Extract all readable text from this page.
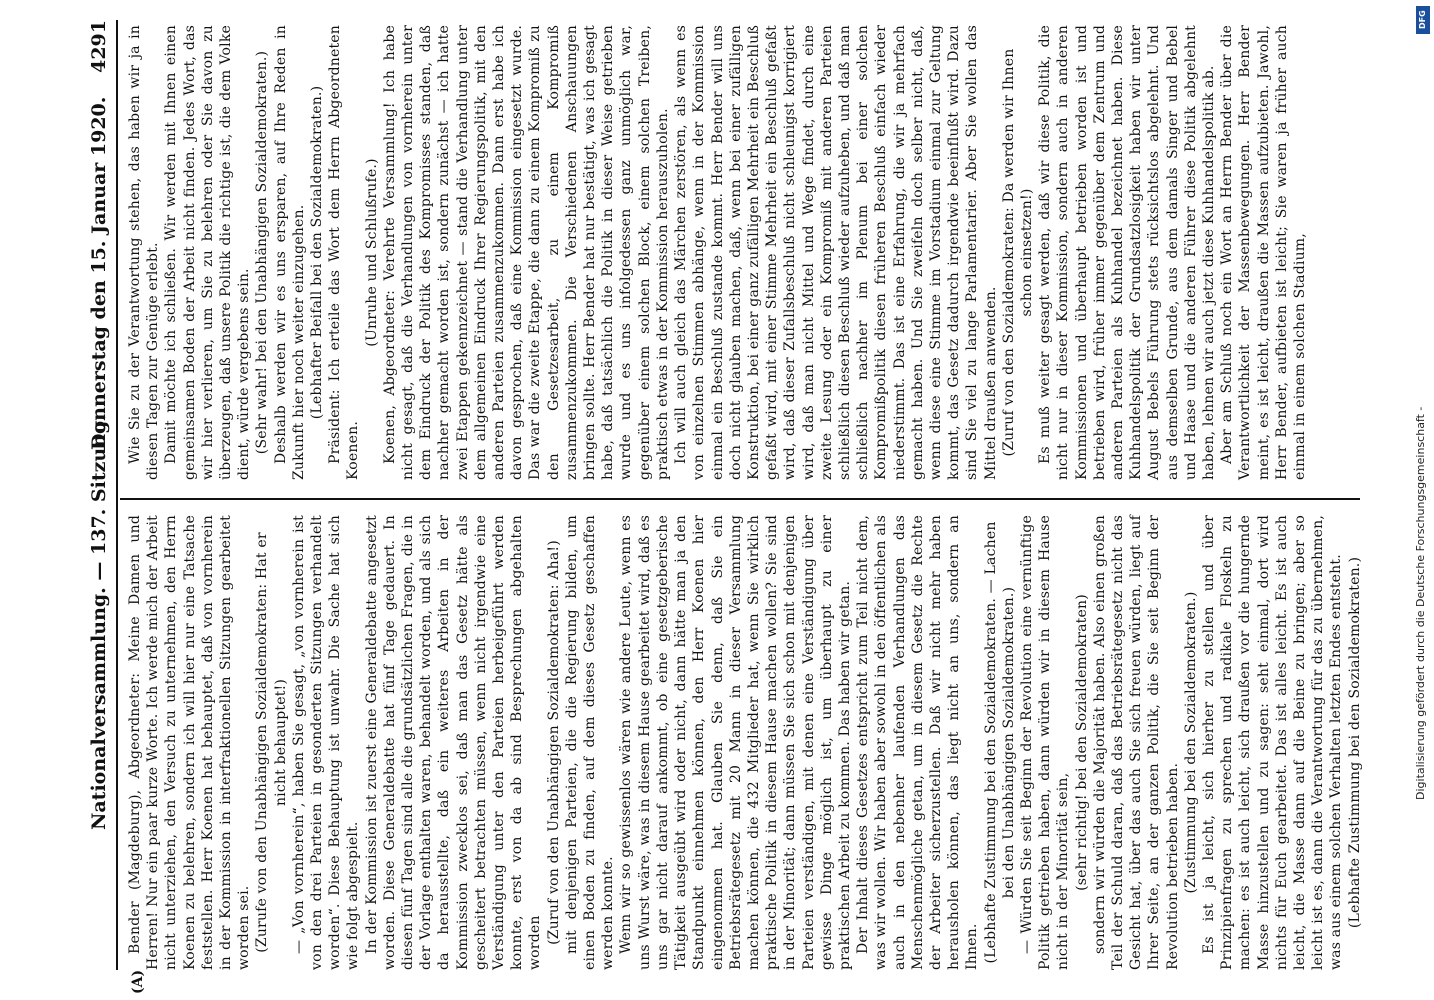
Nationalversammlung. — 137. Sitzung.
Donnerstag den 15. Januar 1920.
4291

Bender (Magdeburg), Abgeordneter: Meine Damen und Herren! Nur ein paar kurze Worte. Ich werde mich der Arbeit nicht unterziehen, den Versuch zu unternehmen, den Herrn Koenen zu belehren, sondern ich will hier nur eine Tatsache feststellen. Herr Koenen hat behauptet, daß von vornherein in der Kommission in interfraktionellen Sitzungen gearbeitet worden sei. (Zurufe von den Unabhängigen Sozialdemokraten: Hat er nicht behauptet!) — „Von vornherein“, haben Sie gesagt, „von vornherein ist von den drei Parteien in gesonderten Sitzungen verhandelt worden“. Diese Behauptung ist unwahr. Die Sache hat sich wie folgt abgespielt. In der Kommission ist zuerst eine Generaldebatte angesetzt worden. Diese Generaldebatte hat fünf Tage gedauert. In diesen fünf Tagen sind alle die grundsätzlichen Fragen, die in der Vorlage enthalten waren, behandelt worden, und als sich da herausstellte, daß ein weiteres Arbeiten in der Kommission zwecklos sei, daß man das Gesetz hätte als gescheitert betrachten müssen, wenn nicht irgendwie eine Verständigung unter den Parteien herbeigeführt werden konnte, erst von da ab sind Besprechungen abgehalten worden (Zuruf von den Unabhängigen Sozialdemokraten: Aha!) mit denjenigen Parteien, die die Regierung bilden, um einen Boden zu finden, auf dem dieses Gesetz geschaffen werden konnte. Wenn wir so gewissenlos wären wie andere Leute, wenn es uns Wurst wäre, was in diesem Hause gearbeitet wird, daß es uns gar nicht darauf ankommt, ob eine gesetzgeberische Tätigkeit ausgeübt wird oder nicht, dann hätte man ja den Standpunkt einnehmen können, den Herr Koenen hier eingenommen hat. Glauben Sie denn, daß Sie ein Betriebsrätegesetz mit 20 Mann in dieser Versammlung machen können, die 432 Mitglieder hat, wenn Sie wirklich praktische Politik in diesem Hause machen wollen? Sie sind in der Minorität; dann müssen Sie sich schon mit denjenigen Parteien verständigen, mit denen eine Verständigung über gewisse Dinge möglich ist, um überhaupt zu einer praktischen Arbeit zu kommen. Das haben wir getan. Der Inhalt dieses Gesetzes entspricht zum Teil nicht dem, was wir wollen. Wir haben aber sowohl in den öffentlichen als auch in den nebenher laufenden Verhandlungen das Menschenmögliche getan, um in diesem Gesetz die Rechte der Arbeiter sicherzustellen. Daß wir nicht mehr haben herausholen können, das liegt nicht an uns, sondern an Ihnen. (Lebhafte Zustimmung bei den Sozialdemokraten. — Lachen bei den Unabhängigen Sozialdemokraten.) — Würden Sie seit Beginn der Revolution eine vernünftige Politik getrieben haben, dann würden wir in diesem Hause nicht in der Minorität sein, (sehr richtig! bei den Sozialdemokraten) sondern wir würden die Majorität haben. Also einen großen Teil der Schuld daran, daß das Betriebsrätegesetz nicht das Gesicht hat, über das auch Sie sich freuen würden, liegt auf Ihrer Seite, an der ganzen Politik, die Sie seit Beginn der Revolution betrieben haben. (Zustimmung bei den Sozialdemokraten.) Es ist ja leicht, sich hierher zu stellen und über Prinzipienfragen zu sprechen und radikale Floskeln zu machen: es ist auch leicht, sich draußen vor die hungernde Masse hinzustellen und zu sagen: seht einmal, dort wird nichts für Euch gearbeitet. Das ist alles leicht. Es ist auch leicht, die Masse dann auf die Beine zu bringen; aber so leicht ist es, dann die Verantwortung für das zu übernehmen, was aus einem solchen Verhalten letzten Endes entsteht. (Lebhafte Zustimmung bei den Sozialdemokraten.)

Wie Sie zu der Verantwortung stehen, das haben wir ja in diesen Tagen zur Genüge erlebt. Damit möchte ich schließen. Wir werden mit Ihnen einen gemeinsamen Boden der Arbeit nicht finden. Jedes Wort, das wir hier verlieren, um Sie zu belehren oder Sie davon zu überzeugen, daß unsere Politik die richtige ist, die dem Volke dient, würde vergebens sein. (Sehr wahr! bei den Unabhängigen Sozialdemokraten.) Deshalb werden wir es uns ersparen, auf Ihre Reden in Zukunft hier noch weiter einzugehen. (Lebhafter Beifall bei den Sozialdemokraten.) Präsident: Ich erteile das Wort dem Herrn Abgeordneten Koenen.

(Unruhe und Schlußrufe.) Koenen, Abgeordneter: Verehrte Versammlung! Ich habe nicht gesagt, daß die Verhandlungen von vornherein unter dem Eindruck der Politik des Kompromisses standen, daß nachher gemacht worden ist, sondern zunächst — ich hatte zwei Etappen gekennzeichnet — stand die Verhandlung unter dem allgemeinen Eindruck Ihrer Regierungspolitik, mit den anderen Parteien zusammenzukommen. Dann erst habe ich davon gesprochen, daß eine Kommission eingesetzt wurde. Das war die zweite Etappe, die dann zu einem Kompromiß zu den Gesetzesarbeit, zu einem Kompromiß zusammenzukommen. Die Verschiedenen Anschauungen bringen sollte. Herr Bender hat nur bestätigt, was ich gesagt habe, daß tatsächlich die Politik in dieser Weise getrieben wurde und es uns infolgedessen ganz unmöglich war, gegenüber einem solchen Block, einem solchen Treiben, praktisch etwas in der Kommission herauszuholen. Ich will auch gleich das Märchen zerstören, als wenn es von einzelnen Stimmen abhänge, wenn in der Kommission einmal ein Beschluß zustande kommt. Herr Bender will uns doch nicht glauben machen, daß, wenn bei einer zufälligen Konstruktion, bei einer ganz zufälligen Mehrheit ein Beschluß gefaßt wird, mit einer Stimme Mehrheit ein Beschluß gefaßt wird, daß dieser Zufallsbeschluß nicht schleunigst korrigiert wird, daß man nicht Mittel und Wege findet, durch eine zweite Lesung oder ein Kompromiß mit anderen Parteien schließlich diesen Beschluß wieder aufzuheben, und daß man schließlich nachher im Plenum bei einer solchen Kompromißpolitik diesen früheren Beschluß einfach wieder niederstimmt. Das ist eine Erfahrung, die wir ja mehrfach gemacht haben. Und Sie zweifeln doch selber nicht, daß, wenn diese eine Stimme im Vorstadium einmal zur Geltung kommt, das Gesetz dadurch irgendwie beeinflußt wird. Dazu sind Sie viel zu lange Parlamentarier. Aber Sie wollen das Mittel draußen anwenden. (Zuruf von den Sozialdemokraten: Da werden wir Ihnen schon einsetzen!) Es muß weiter gesagt werden, daß wir diese Politik, die nicht nur in dieser Kommission, sondern auch in anderen Kommissionen und überhaupt betrieben worden ist und betrieben wird, früher immer gegenüber dem Zentrum und anderen Parteien als Kuhhandel bezeichnet haben. Diese Kuhhandelspolitik der Grundsatzlosigkeit haben wir unter August Bebels Führung stets rücksichtslos abgelehnt. Und aus demselben Grunde, aus dem damals Singer und Bebel und Haase und die anderen Führer diese Politik abgelehnt haben, lehnen wir auch jetzt diese Kuhhandelspolitik ab. Aber am Schluß noch ein Wort an Herrn Bender über die Verantwortlichkeit der Massenbewegungen. Herr Bender meint, es ist leicht, draußen die Massen aufzubieten. Jawohl, Herr Bender, aufbieten ist leicht; Sie waren ja früher auch einmal in einem solchen Stadium,

(A)
DFG
Digitalisierung gefördert durch die Deutsche Forschungsgemeinschaft -
